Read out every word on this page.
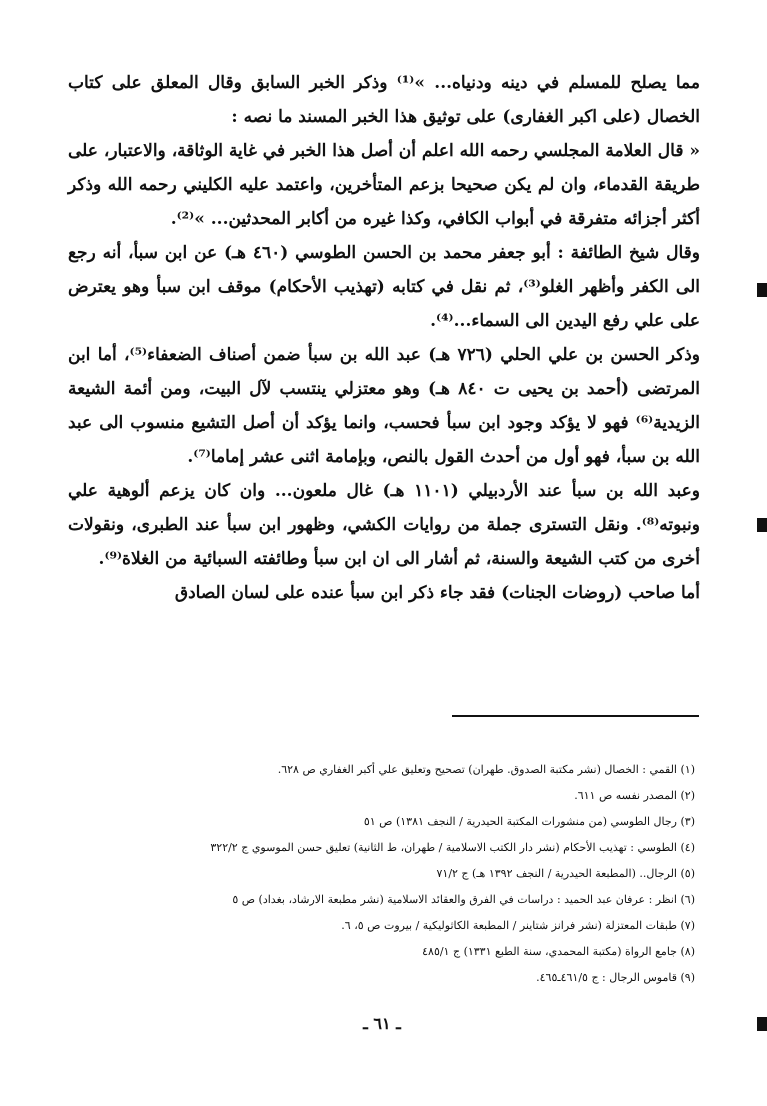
مما يصلح للمسلم في دينه ودنياه... »⁽¹⁾ وذكر الخبر السابق وقال المعلق على كتاب الخصال (على اكبر الغفارى) على توثيق هذا الخبر المسند ما نصه :

« قال العلامة المجلسي رحمه الله اعلم أن أصل هذا الخبر في غاية الوثاقة، والاعتبار، على طريقة القدماء، وان لم يكن صحيحا بزعم المتأخرين، واعتمد عليه الكليني رحمه الله وذكر أكثر أجزائه متفرقة في أبواب الكافي، وكذا غيره من أكابر المحدثين... »⁽²⁾.

وقال شيخ الطائفة : أبو جعفر محمد بن الحسن الطوسي (٤٦٠ هـ) عن ابن سبأ، أنه رجع الى الكفر وأظهر الغلو⁽³⁾، ثم نقل في كتابه (تهذيب الأحكام) موقف ابن سبأ وهو يعترض على علي رفع اليدين الى السماء...⁽⁴⁾.

وذكر الحسن بن علي الحلي (٧٢٦ هـ) عبد الله بن سبأ ضمن أصناف الضعفاء⁽⁵⁾، أما ابن المرتضى (أحمد بن يحيى ت ٨٤٠ هـ) وهو معتزلي ينتسب لآل البيت، ومن أئمة الشيعة الزيدية⁽⁶⁾ فهو لا يؤكد وجود ابن سبأ فحسب، وانما يؤكد أن أصل التشيع منسوب الى عبد الله بن سبأ، فهو أول من أحدث القول بالنص، وبإمامة اثنى عشر إماما⁽⁷⁾.

وعبد الله بن سبأ عند الأردبيلي (١١٠١ هـ) غال ملعون... وان كان يزعم ألوهية علي ونبوته⁽⁸⁾. ونقل التسترى جملة من روايات الكشي، وظهور ابن سبأ عند الطبرى، ونقولات أخرى من كتب الشيعة والسنة، ثم أشار الى ان ابن سبأ وطائفته السبائية من الغلاة⁽⁹⁾.

أما صاحب (روضات الجنات) فقد جاء ذكر ابن سبأ عنده على لسان الصادق

(١) القمي : الخصال (نشر مكتبة الصدوق. طهران) تصحيح وتعليق علي أكبر الغفاري ص ٦٢٨.
(٢) المصدر نفسه ص ٦١١.
(٣) رجال الطوسي (من منشورات المكتبة الحيدرية / النجف ١٣٨١) ص ٥١
(٤) الطوسي : تهذيب الأحكام (نشر دار الكتب الاسلامية / طهران، ط الثانية) تعليق حسن الموسوي ج ٣٢٢/٢
(٥) الرجال.. (المطبعة الحيدرية / النجف ١٣٩٢ هـ) ج ٧١/٢
(٦) انظر : عرفان عبد الحميد : دراسات في الفرق والعقائد الاسلامية (نشر مطبعة الارشاد، بغداد) ص ٥
(٧) طبقات المعتزلة (نشر فرانز شتاينر / المطبعة الكاثوليكية / بيروت ص ٥، ٦.
(٨) جامع الرواة (مكتبة المحمدي، سنة الطبع ١٣٣١) ج ٤٨٥/١
(٩) قاموس الرجال : ج ٤٦١/٥ـ٤٦٥.
ـ ٦١ ـ
